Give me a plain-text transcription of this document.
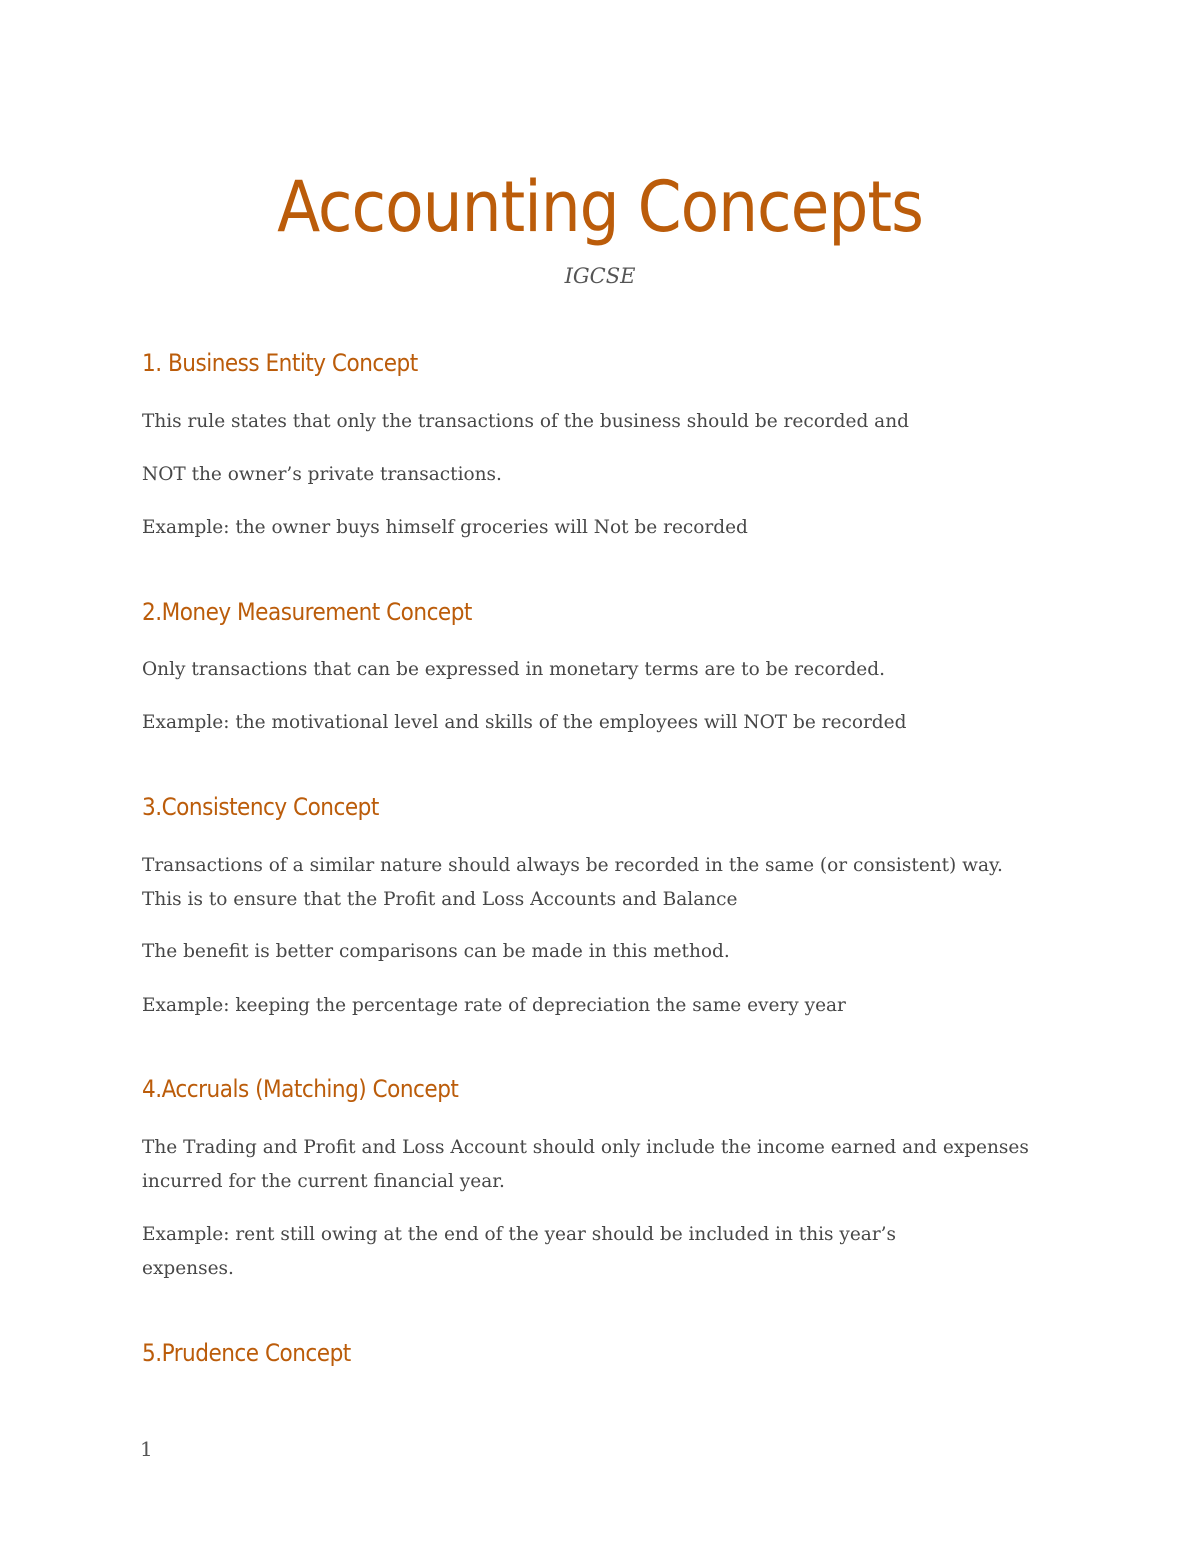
Accounting Concepts

IGCSE

1. Business Entity Concept

This rule states that only the transactions of the business should be recorded and

NOT the owner’s private transactions.

Example: the owner buys himself groceries will Not be recorded

2.Money Measurement Concept

Only transactions that can be expressed in monetary terms are to be recorded.

Example: the motivational level and skills of the employees will NOT be recorded

3.Consistency Concept

Transactions of a similar nature should always be recorded in the same (or consistent) way. This is to ensure that the Profit and Loss Accounts and Balance

The benefit is better comparisons can be made in this method.

Example: keeping the percentage rate of depreciation the same every year

4.Accruals (Matching) Concept

The Trading and Profit and Loss Account should only include the income earned and expenses incurred for the current financial year.

Example: rent still owing at the end of the year should be included in this year’s expenses.

5.Prudence Concept

1
